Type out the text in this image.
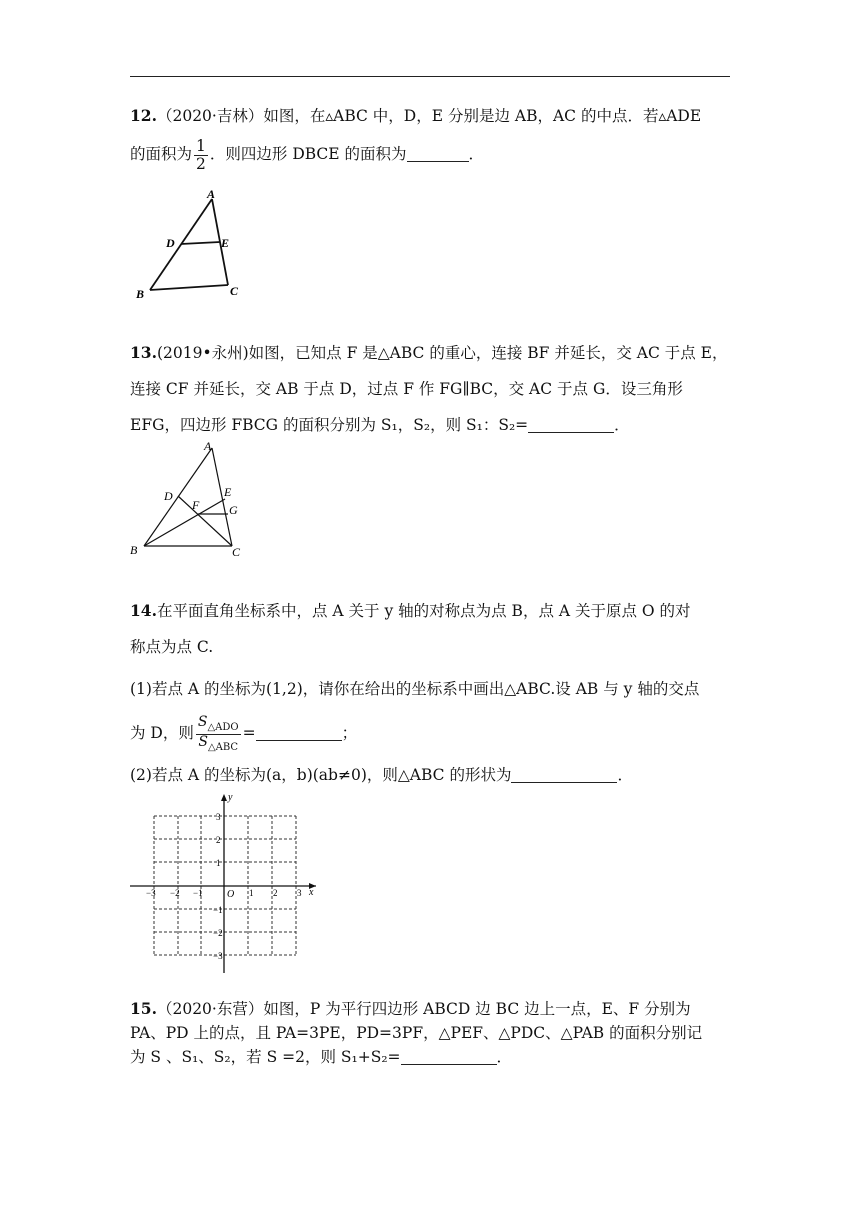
12.（2020·吉林）如图，在▵ABC 中，D，E 分别是边 AB，AC 的中点．若▵ADE
的面积为 $\frac{1}{2}$ ．则四边形 DBCE 的面积为	．
A
D	E
B	C
13.(2019•永州)如图，已知点 F 是△ABC 的重心，连接 BF 并延长，交 AC 于点 E，
连接 CF 并延长，交 AB 于点 D，过点 F 作 FG∥BC，交 AC 于点 G．设三角形
EFG，四边形 FBCG 的面积分别为 S₁，S₂，则 S₁：S₂=	．
A
D
F
E
G
B	C
14.在平面直角坐标系中，点 A 关于 y 轴的对称点为点 B，点 A 关于原点 O 的对
称点为点 C.
(1)若点 A 的坐标为(1,2)，请你在给出的坐标系中画出△ABC.设 AB 与 y 轴的交点
为 D，则 $\frac{S_{\triangle ADO}}{S_{\triangle ABC}}$ =	；
(2)若点 A 的坐标为(a，b)(ab≠0)，则△ABC 的形状为	．
x
y
O
−3 −2 −1	1 2 3
3
2
1
−1
−2
−3
15.（2020·东营）如图，P 为平行四边形 ABCD 边 BC 边上一点，E、F 分别为
PA、PD 上的点，且 PA=3PE，PD=3PF，△PEF、△PDC、△PAB 的面积分别记
为 S 、S₁、S₂，若 S =2，则 S₁+S₂=	．
